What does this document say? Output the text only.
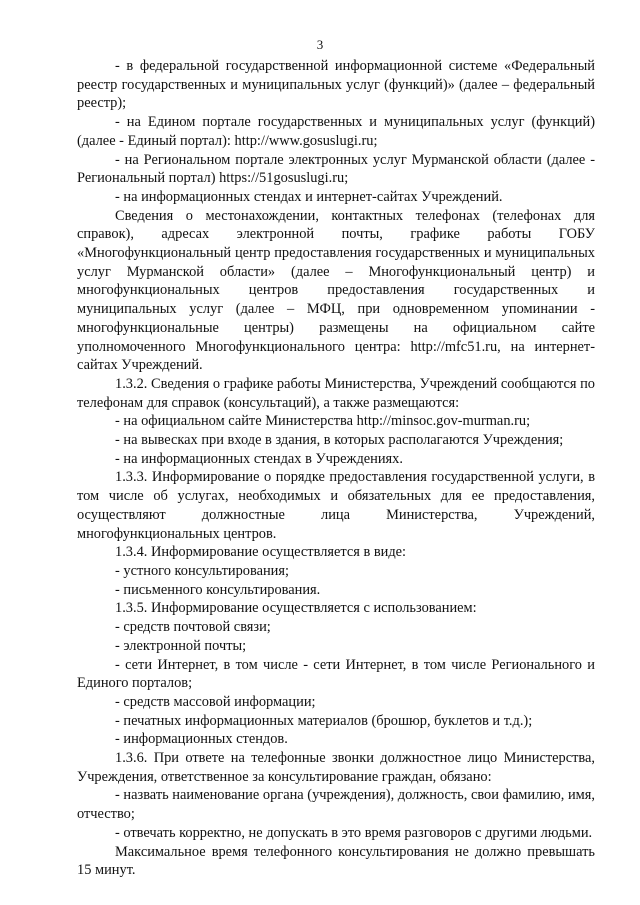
3

- в федеральной государственной информационной системе «Федеральный реестр государственных и муниципальных услуг (функций)» (далее – федеральный реестр);

- на Едином портале государственных и муниципальных услуг (функций) (далее - Единый портал): http://www.gosuslugi.ru;

- на Региональном портале электронных услуг Мурманской области (далее - Региональный портал) https://51gosuslugi.ru;

- на информационных стендах и интернет-сайтах Учреждений.

Сведения о местонахождении, контактных телефонах (телефонах для справок), адресах электронной почты, графике работы ГОБУ «Многофункциональный центр предоставления государственных и муниципальных услуг Мурманской области» (далее – Многофункциональный центр) и многофункциональных центров предоставления государственных и муниципальных услуг (далее – МФЦ, при одновременном упоминании - многофункциональные центры) размещены на официальном сайте уполномоченного Многофункционального центра: http://mfc51.ru, на интернет-сайтах Учреждений.

1.3.2. Сведения о графике работы Министерства, Учреждений сообщаются по телефонам для справок (консультаций), а также размещаются:

- на официальном сайте Министерства http://minsoc.gov-murman.ru;

- на вывесках при входе в здания, в которых располагаются Учреждения;

- на информационных стендах в Учреждениях.

1.3.3. Информирование о порядке предоставления государственной услуги, в том числе об услугах, необходимых и обязательных для ее предоставления, осуществляют должностные лица Министерства, Учреждений, многофункциональных центров.

1.3.4. Информирование осуществляется в виде:

- устного консультирования;

- письменного консультирования.

1.3.5. Информирование осуществляется с использованием:

- средств почтовой связи;

- электронной почты;

- сети Интернет, в том числе - сети Интернет, в том числе Регионального и Единого порталов;

- средств массовой информации;

- печатных информационных материалов (брошюр, буклетов и т.д.);

- информационных стендов.

1.3.6. При ответе на телефонные звонки должностное лицо Министерства, Учреждения, ответственное за консультирование граждан, обязано:

- назвать наименование органа (учреждения), должность, свои фамилию, имя, отчество;

- отвечать корректно, не допускать в это время разговоров с другими людьми.

Максимальное время телефонного консультирования не должно превышать 15 минут.
